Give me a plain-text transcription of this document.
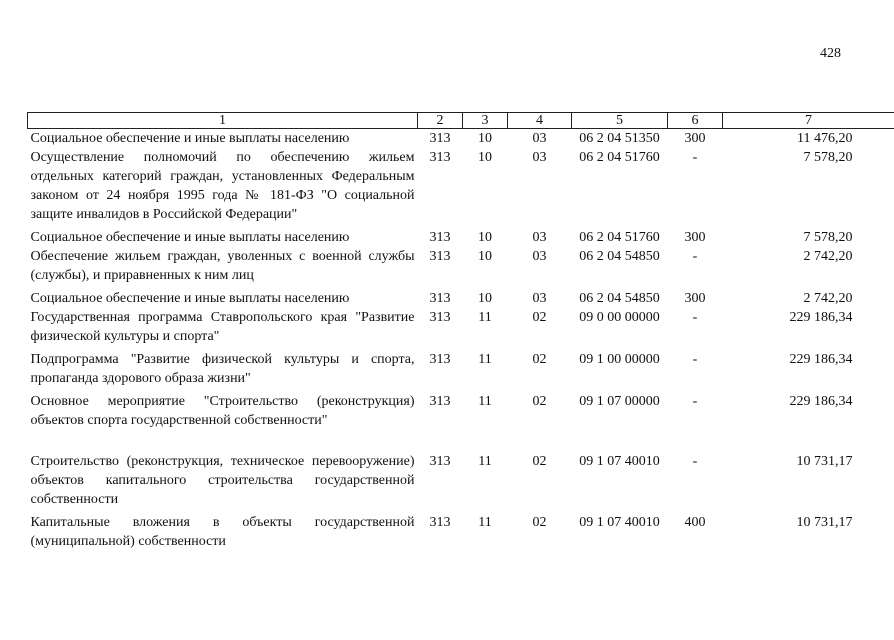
428
1	2	3	4	5	6	7
Социальное обеспечение и иные выплаты населению	313	10	03	06 2 04 51350	300	11 476,20
Осуществление полномочий по обеспечению жильем отдельных категорий граждан, установленных Федеральным законом от 24 ноября 1995 года № 181-ФЗ "О социальной защите инвалидов в Российской Федерации"	313	10	03	06 2 04 51760	-	7 578,20
Социальное обеспечение и иные выплаты населению	313	10	03	06 2 04 51760	300	7 578,20
Обеспечение жильем граждан, уволенных с военной службы (службы), и приравненных к ним лиц	313	10	03	06 2 04 54850	-	2 742,20
Социальное обеспечение и иные выплаты населению	313	10	03	06 2 04 54850	300	2 742,20
Государственная программа Ставропольского края "Развитие физической культуры и спорта"	313	11	02	09 0 00 00000	-	229 186,34
Подпрограмма "Развитие физической культуры и спорта, пропаганда здорового образа жизни"	313	11	02	09 1 00 00000	-	229 186,34
Основное мероприятие "Строительство (реконструкция) объектов спорта государственной собственности"	313	11	02	09 1 07 00000	-	229 186,34
Строительство (реконструкция, техническое перевооружение) объектов капитального строительства государственной собственности	313	11	02	09 1 07 40010	-	10 731,17
Капитальные вложения в объекты государственной (муниципальной) собственности	313	11	02	09 1 07 40010	400	10 731,17
